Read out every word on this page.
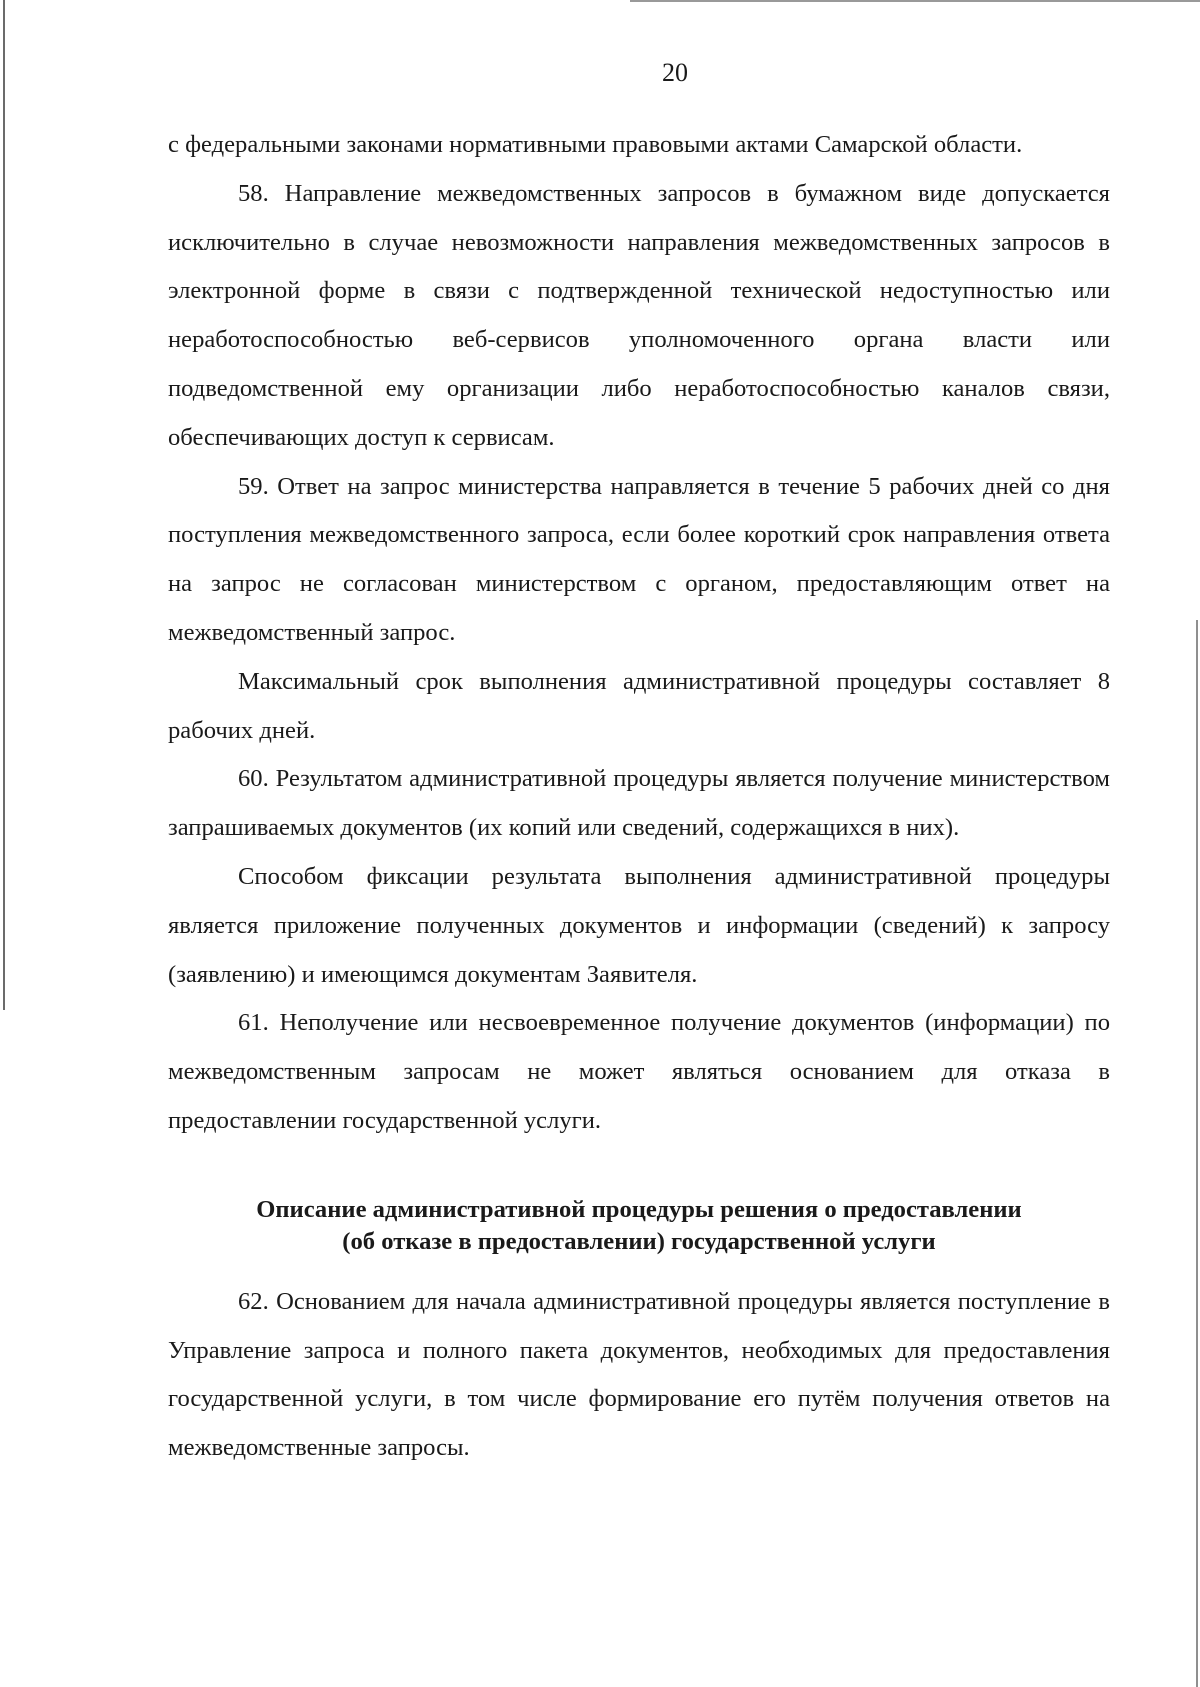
20

с федеральными законами нормативными правовыми актами Самарской области.

58. Направление межведомственных запросов в бумажном виде допускается исключительно в случае невозможности направления межведомственных запросов в электронной форме в связи с подтвержденной технической недоступностью или неработоспособностью веб-сервисов уполномоченного органа власти или подведомственной ему организации либо неработоспособностью каналов связи, обеспечивающих доступ к сервисам.

59. Ответ на запрос министерства направляется в течение 5 рабочих дней со дня поступления межведомственного запроса, если более короткий срок направления ответа на запрос не согласован министерством с органом, предоставляющим ответ на межведомственный запрос.

Максимальный срок выполнения административной процедуры составляет 8 рабочих дней.

60. Результатом административной процедуры является получение министерством запрашиваемых документов (их копий или сведений, содержащихся в них).

Способом фиксации результата выполнения административной процедуры является приложение полученных документов и информации (сведений) к запросу (заявлению) и имеющимся документам Заявителя.

61. Неполучение или несвоевременное получение документов (информации) по межведомственным запросам не может являться основанием для отказа в предоставлении государственной услуги.

Описание административной процедуры решения о предоставлении
(об отказе в предоставлении) государственной услуги

62. Основанием для начала административной процедуры является поступление в Управление запроса и полного пакета документов, необходимых для предоставления государственной услуги, в том числе формирование его путём получения ответов на межведомственные запросы.
